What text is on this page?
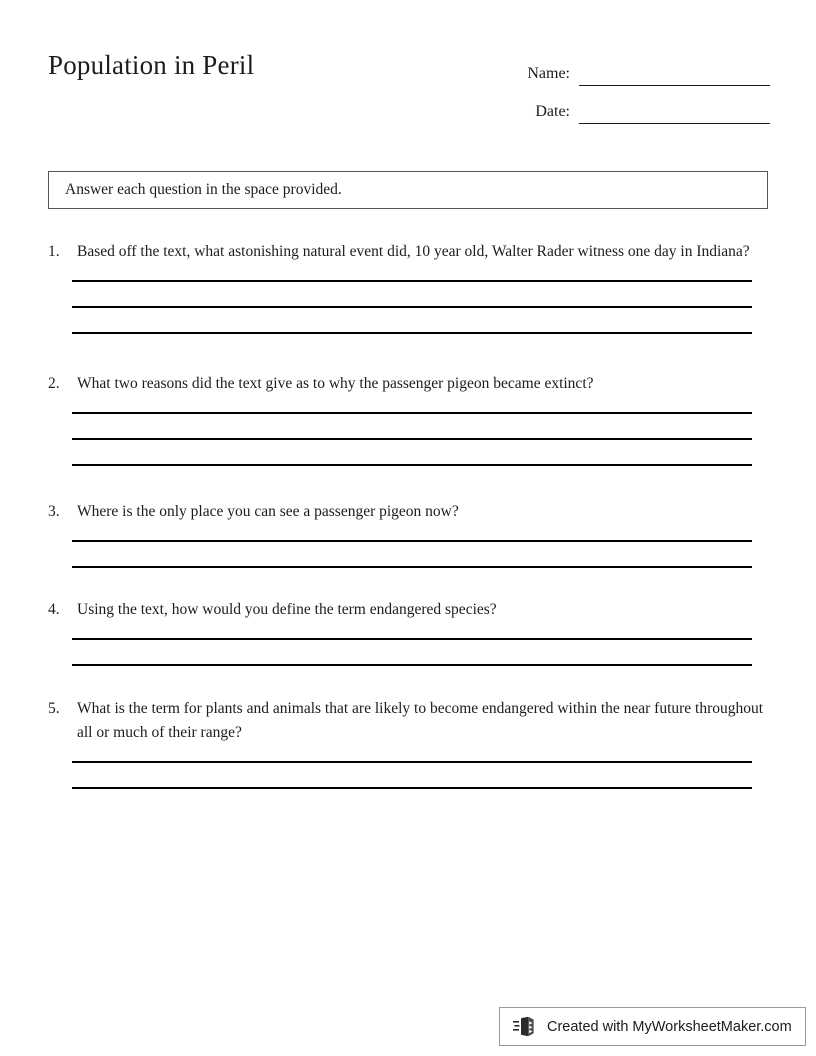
Population in Peril	Name:
Date:
Answer each question in the space provided.
1.	Based off the text, what astonishing natural event did, 10 year old, Walter Rader witness one day in Indiana?
2.	What two reasons did the text give as to why the passenger pigeon became extinct?
3.	Where is the only place you can see a passenger pigeon now?
4.	Using the text, how would you define the term endangered species?
5.	What is the term for plants and animals that are likely to become endangered within the near future throughout all or much of their range?
Created with MyWorksheetMaker.com
